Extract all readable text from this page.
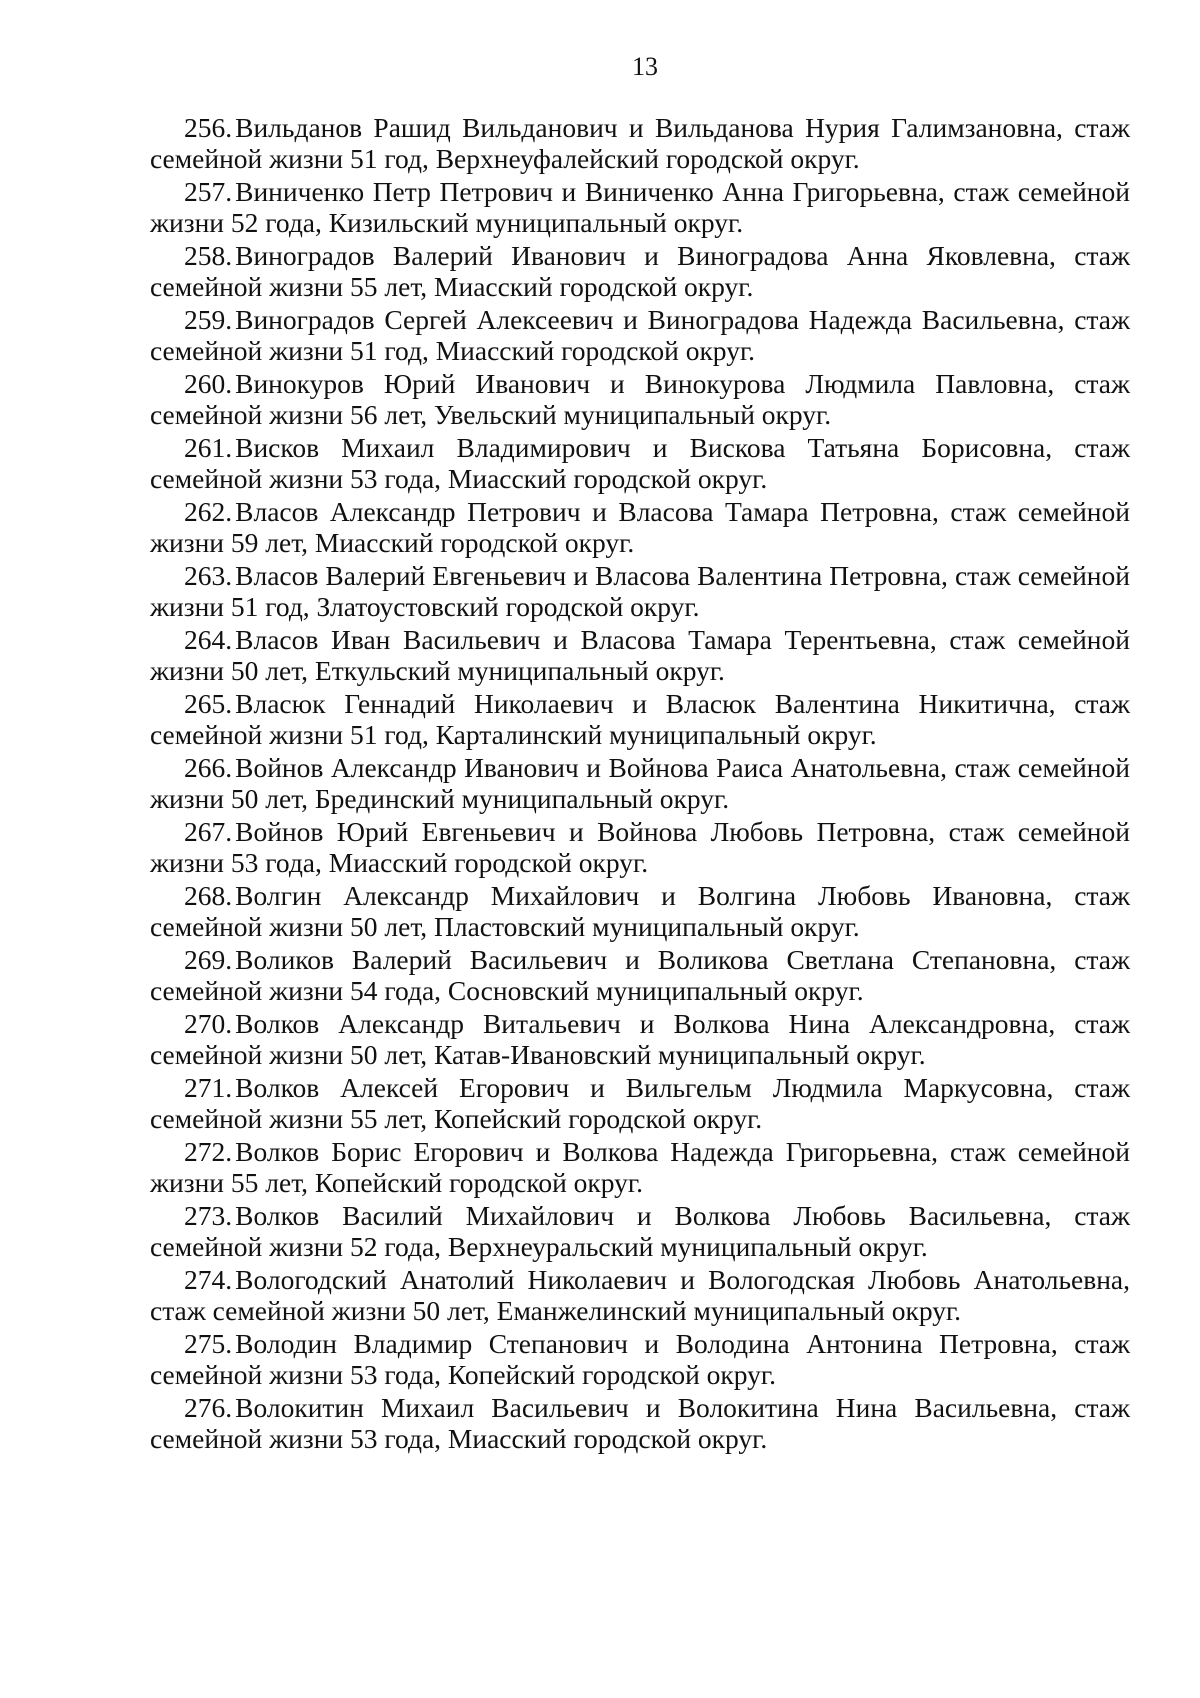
13

256. Вильданов Рашид Вильданович и Вильданова Нурия Галимзановна, стаж семейной жизни 51 год, Верхнеуфалейский городской округ.

257. Виниченко Петр Петрович и Виниченко Анна Григорьевна, стаж семейной жизни 52 года, Кизильский муниципальный округ.

258. Виноградов Валерий Иванович и Виноградова Анна Яковлевна, стаж семейной жизни 55 лет, Миасский городской округ.

259. Виноградов Сергей Алексеевич и Виноградова Надежда Васильевна, стаж семейной жизни 51 год, Миасский городской округ.

260. Винокуров Юрий Иванович и Винокурова Людмила Павловна, стаж семейной жизни 56 лет, Увельский муниципальный округ.

261. Висков Михаил Владимирович и Вискова Татьяна Борисовна, стаж семейной жизни 53 года, Миасский городской округ.

262. Власов Александр Петрович и Власова Тамара Петровна, стаж семейной жизни 59 лет, Миасский городской округ.

263. Власов Валерий Евгеньевич и Власова Валентина Петровна, стаж семейной жизни 51 год, Златоустовский городской округ.

264. Власов Иван Васильевич и Власова Тамара Терентьевна, стаж семейной жизни 50 лет, Еткульский муниципальный округ.

265. Власюк Геннадий Николаевич и Власюк Валентина Никитична, стаж семейной жизни 51 год, Карталинский муниципальный округ.

266. Войнов Александр Иванович и Войнова Раиса Анатольевна, стаж семейной жизни 50 лет, Брединский муниципальный округ.

267. Войнов Юрий Евгеньевич и Войнова Любовь Петровна, стаж семейной жизни 53 года, Миасский городской округ.

268. Волгин Александр Михайлович и Волгина Любовь Ивановна, стаж семейной жизни 50 лет, Пластовский муниципальный округ.

269. Воликов Валерий Васильевич и Воликова Светлана Степановна, стаж семейной жизни 54 года, Сосновский муниципальный округ.

270. Волков Александр Витальевич и Волкова Нина Александровна, стаж семейной жизни 50 лет, Катав-Ивановский муниципальный округ.

271. Волков Алексей Егорович и Вильгельм Людмила Маркусовна, стаж семейной жизни 55 лет, Копейский городской округ.

272. Волков Борис Егорович и Волкова Надежда Григорьевна, стаж семейной жизни 55 лет, Копейский городской округ.

273. Волков Василий Михайлович и Волкова Любовь Васильевна, стаж семейной жизни 52 года, Верхнеуральский муниципальный округ.

274. Вологодский Анатолий Николаевич и Вологодская Любовь Анатольевна, стаж семейной жизни 50 лет, Еманжелинский муниципальный округ.

275. Володин Владимир Степанович и Володина Антонина Петровна, стаж семейной жизни 53 года, Копейский городской округ.

276. Волокитин Михаил Васильевич и Волокитина Нина Васильевна, стаж семейной жизни 53 года, Миасский городской округ.
